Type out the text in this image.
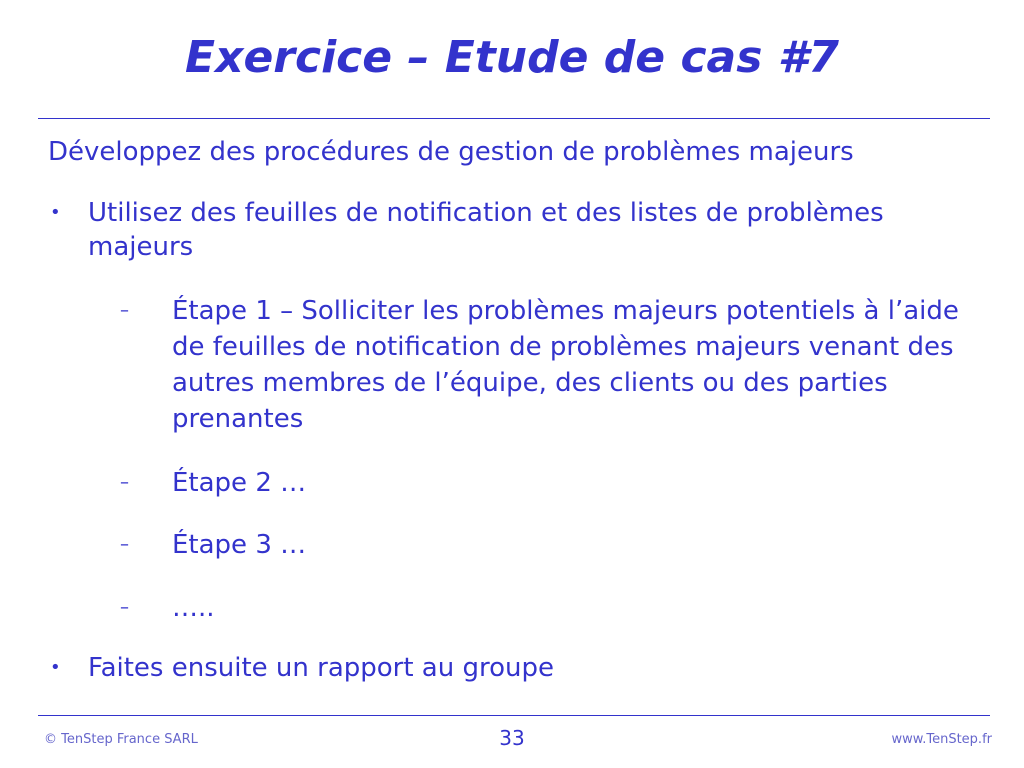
Exercice – Etude de cas #7
Développez des procédures de gestion de problèmes majeurs
• Utilisez des feuilles de notification et des listes de problèmes majeurs
– Étape 1 – Solliciter les problèmes majeurs potentiels à l’aide de feuilles de notification de problèmes majeurs venant des autres membres de l’équipe, des clients ou des parties prenantes
– Étape 2 …
– Étape 3 …
– …..
• Faites ensuite un rapport au groupe
© TenStep France SARL	33	www.TenStep.fr
